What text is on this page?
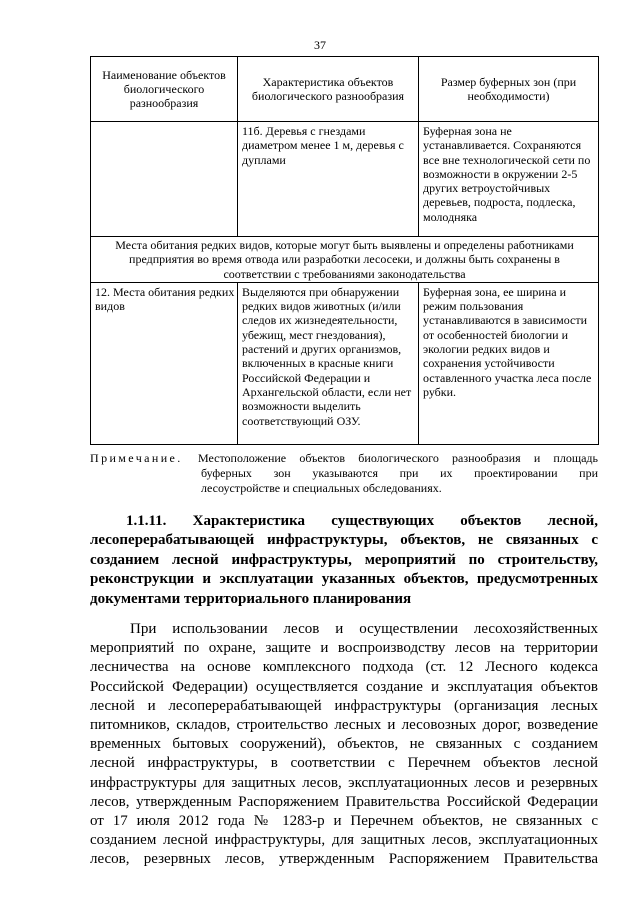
37
Наименование объектов биологического разнообразия	Характеристика объектов биологического разнообразия	Размер буферных зон (при необходимости)
	11б. Деревья с гнездами диаметром менее 1 м, деревья с дуплами	Буферная зона не устанавливается. Сохраняются все вне технологической сети по возможности в окружении 2-5 других ветроустойчивых деревьев, подроста, подлеска, молодняка
Места обитания редких видов, которые могут быть выявлены и определены работниками предприятия во время отвода или разработки лесосеки, и должны быть сохранены в соответствии с требованиями законодательства		
12. Места обитания редких видов	Выделяются при обнаружении редких видов животных (и/или следов их жизнедеятельности, убежищ, мест гнездования), растений и других организмов, включенных в красные книги Российской Федерации и Архангельской области, если нет возможности выделить соответствующий ОЗУ.	Буферная зона, ее ширина и режим пользования устанавливаются в зависимости от особенностей биологии и экологии редких видов и сохранения устойчивости оставленного участка леса после рубки.
Примечание.	Местоположение объектов биологического разнообразия и площадь
буферных зон указываются при их проектировании при
лесоустройстве и специальных обследованиях.
1.1.11. Характеристика существующих объектов лесной,
лесоперерабатывающей инфраструктуры, объектов, не связанных с
созданием лесной инфраструктуры, мероприятий по строительству,
реконструкции и эксплуатации указанных объектов, предусмотренных
документами территориального планирования
При использовании лесов и осуществлении лесохозяйственных
мероприятий по охране, защите и воспроизводству лесов на территории
лесничества на основе комплексного подхода (ст. 12 Лесного кодекса
Российской Федерации) осуществляется создание и эксплуатация объектов
лесной и лесоперерабатывающей инфраструктуры (организация лесных
питомников, складов, строительство лесных и лесовозных дорог, возведение
временных бытовых сооружений), объектов, не связанных с созданием
лесной инфраструктуры, в соответствии с Перечнем объектов лесной
инфраструктуры для защитных лесов, эксплуатационных лесов и резервных
лесов, утвержденным Распоряжением Правительства Российской Федерации
от 17 июля 2012 года № 1283-р и Перечнем объектов, не связанных с
созданием лесной инфраструктуры, для защитных лесов, эксплуатационных
лесов, резервных лесов, утвержденным Распоряжением Правительства
